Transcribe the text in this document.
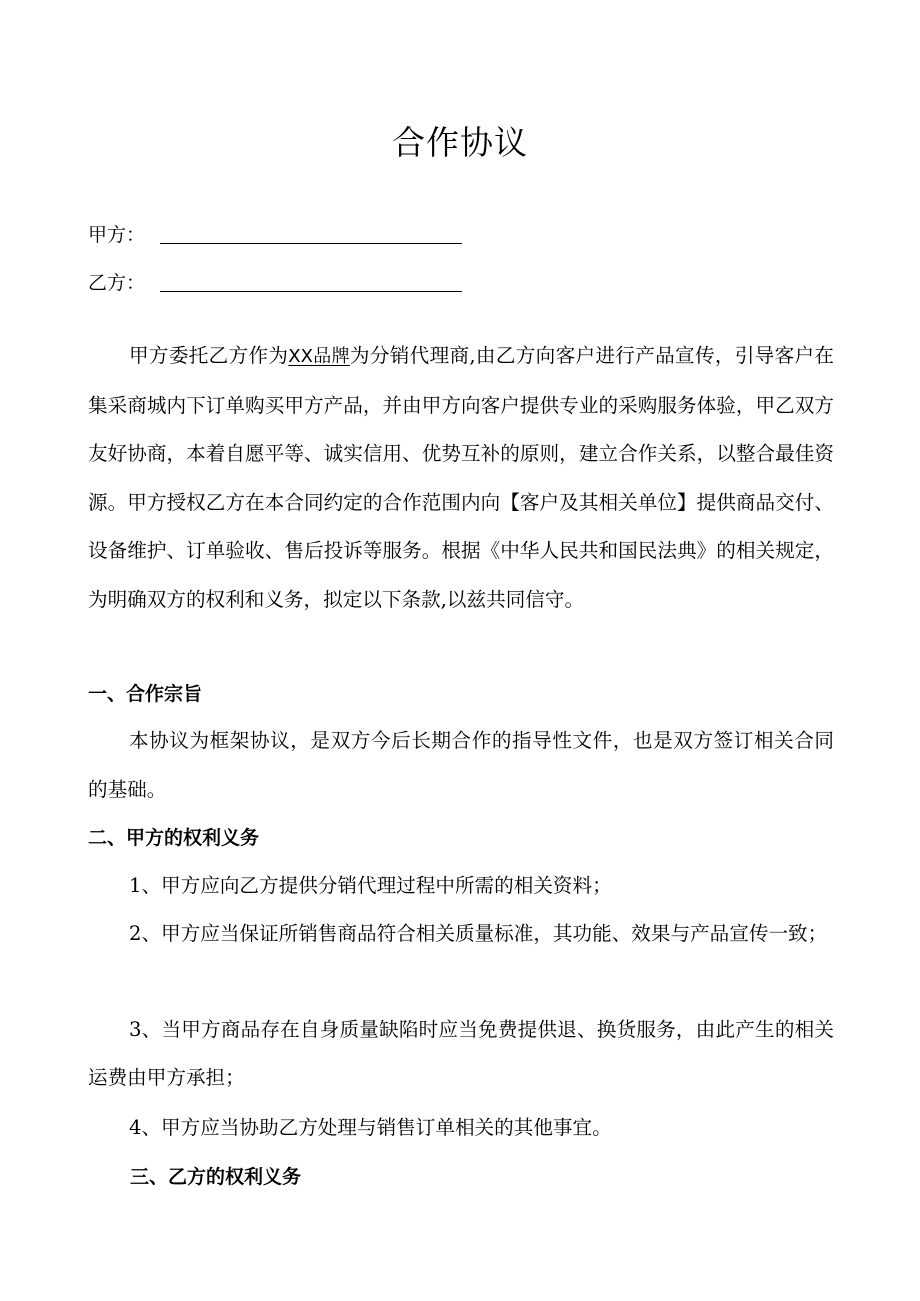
合作协议
甲方：
乙方：

甲方委托乙方作为XX品牌为分销代理商,由乙方向客户进行产品宣传，引导客户在集采商城内下订单购买甲方产品，并由甲方向客户提供专业的采购服务体验，甲乙双方友好协商，本着自愿平等、诚实信用、优势互补的原则，建立合作关系，以整合最佳资源。甲方授权乙方在本合同约定的合作范围内向【客户及其相关单位】提供商品交付、设备维护、订单验收、售后投诉等服务。根据《中华人民共和国民法典》的相关规定，为明确双方的权利和义务，拟定以下条款,以兹共同信守。

一、合作宗旨

本协议为框架协议，是双方今后长期合作的指导性文件，也是双方签订相关合同的基础。

二、甲方的权利义务

1、甲方应向乙方提供分销代理过程中所需的相关资料；

2、甲方应当保证所销售商品符合相关质量标准，其功能、效果与产品宣传一致；

3、当甲方商品存在自身质量缺陷时应当免费提供退、换货服务，由此产生的相关运费由甲方承担；

4、甲方应当协助乙方处理与销售订单相关的其他事宜。

三、乙方的权利义务
